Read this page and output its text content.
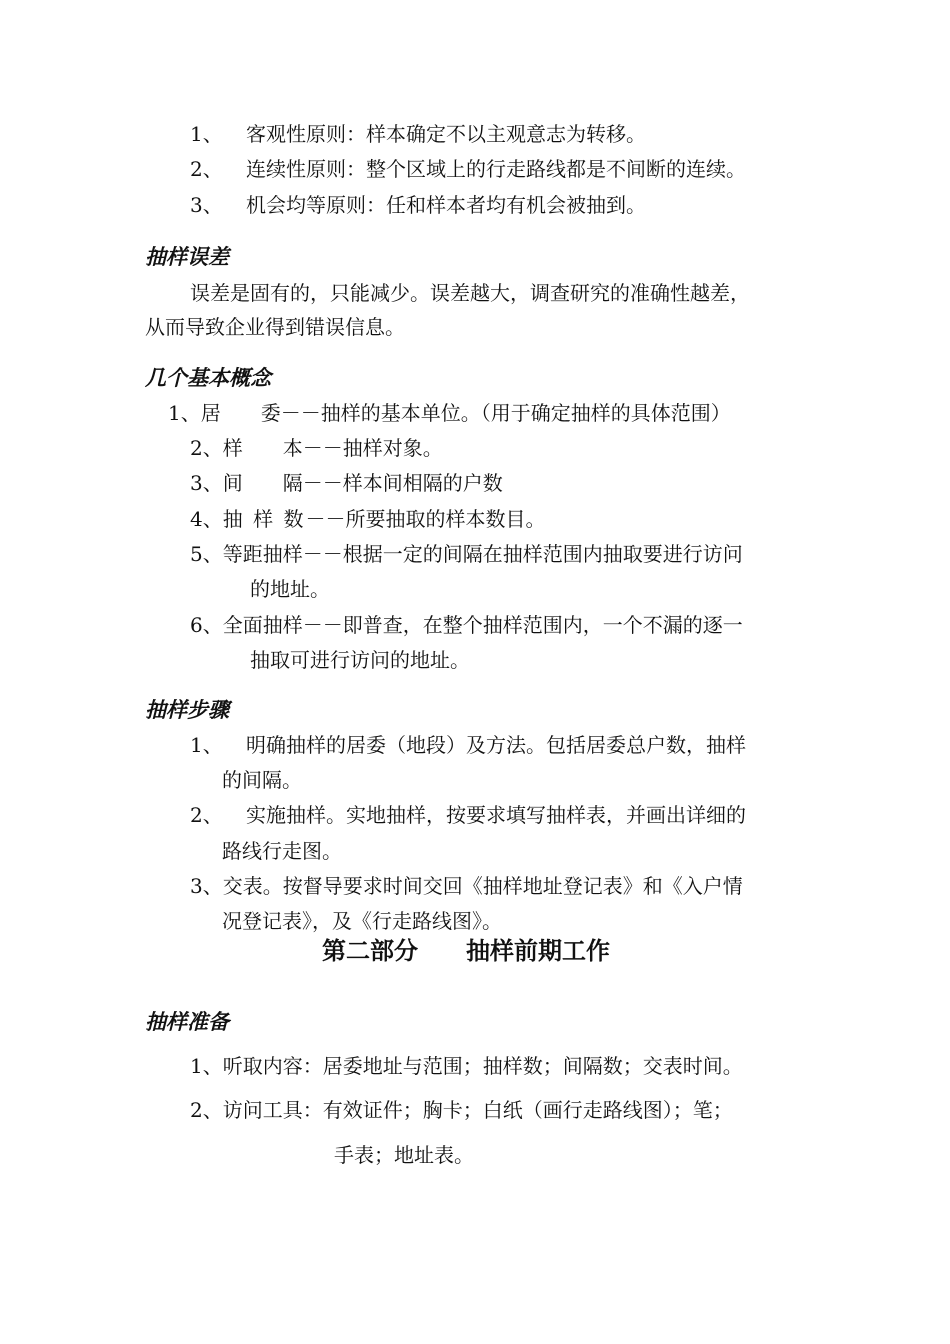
1、 客观性原则：样本确定不以主观意志为转移。
2、 连续性原则：整个区域上的行走路线都是不间断的连续。
3、 机会均等原则：任和样本者均有机会被抽到。
抽样误差
误差是固有的，只能减少。误差越大，调查研究的准确性越差，
从而导致企业得到错误信息。
几个基本概念
1、居　　委－－抽样的基本单位。（用于确定抽样的具体范围）
2、样　　本－－抽样对象。
3、间　　隔－－样本间相隔的户数
4、抽 样 数－－所要抽取的样本数目。
5、等距抽样－－根据一定的间隔在抽样范围内抽取要进行访问
的地址。
6、全面抽样－－即普查，在整个抽样范围内，一个不漏的逐一
抽取可进行访问的地址。
抽样步骤
1、 明确抽样的居委（地段）及方法。包括居委总户数，抽样
的间隔。
2、 实施抽样。实地抽样，按要求填写抽样表，并画出详细的
路线行走图。
3、交表。按督导要求时间交回《抽样地址登记表》和《入户情
况登记表》，及《行走路线图》。
第二部分　　抽样前期工作
抽样准备
1、听取内容：居委地址与范围；抽样数；间隔数；交表时间。
2、访问工具：有效证件；胸卡；白纸（画行走路线图）；笔；
手表；地址表。
